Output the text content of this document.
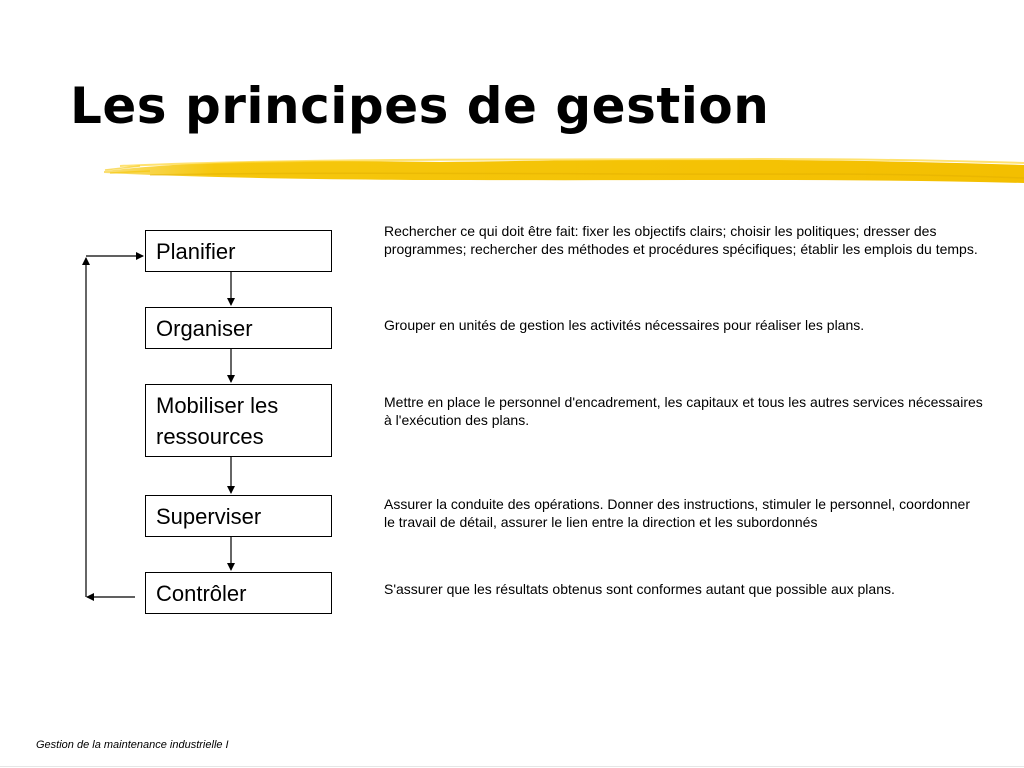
Les principes de gestion
Planifier
Organiser
Mobiliser les ressources
Superviser
Contrôler

Rechercher ce qui doit être fait: fixer les objectifs clairs; choisir les politiques; dresser des programmes; rechercher des méthodes et procédures spécifiques; établir les emplois du temps.

Grouper en unités de gestion les activités nécessaires pour réaliser les plans.

Mettre en place le personnel d'encadrement, les capitaux et tous les autres services nécessaires à l'exécution des plans.

Assurer la conduite des opérations. Donner des instructions, stimuler le personnel, coordonner le travail de détail, assurer le lien entre la direction et les subordonnés

S'assurer que les résultats obtenus sont conformes autant que possible aux plans.

Gestion de la maintenance industrielle I
